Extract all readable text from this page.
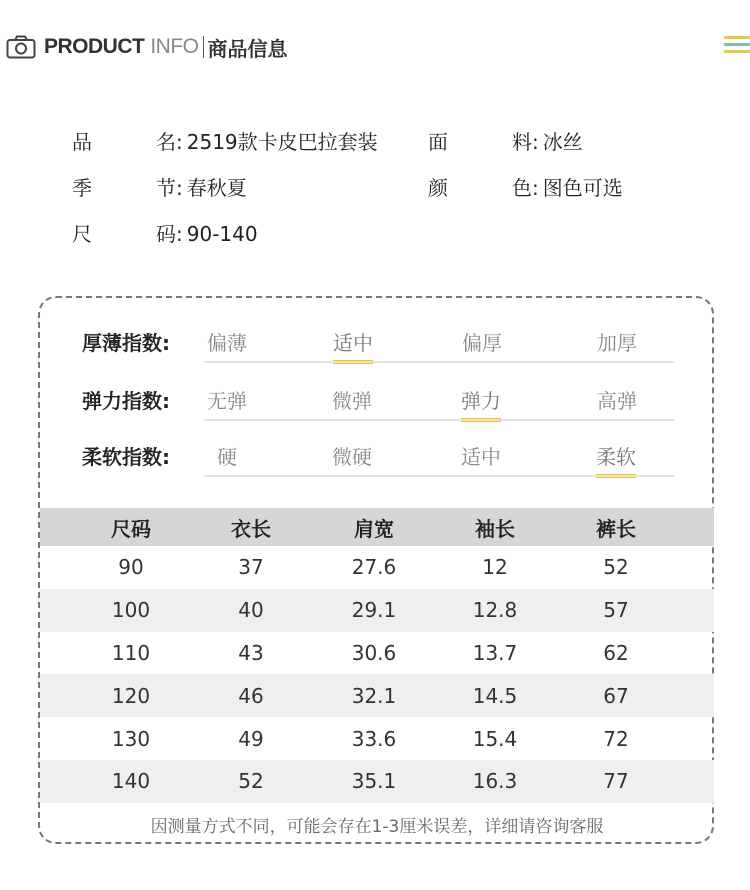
PRODUCT INFO 商品信息
品名: 2519款卡皮巴拉套装	面料: 冰丝
季节: 春秋夏	颜色: 图色可选
尺码: 90-140
厚薄指数: 偏薄	适中	偏厚	加厚
弹力指数: 无弹	微弹	弹力	高弹
柔软指数: 硬	微硬	适中	柔软
尺码	衣长	肩宽	袖长	裤长
90	37	27.6	12	52
100	40	29.1	12.8	57
110	43	30.6	13.7	62
120	46	32.1	14.5	67
130	49	33.6	15.4	72
140	52	35.1	16.3	77
因测量方式不同，可能会存在1-3厘米误差，详细请咨询客服
